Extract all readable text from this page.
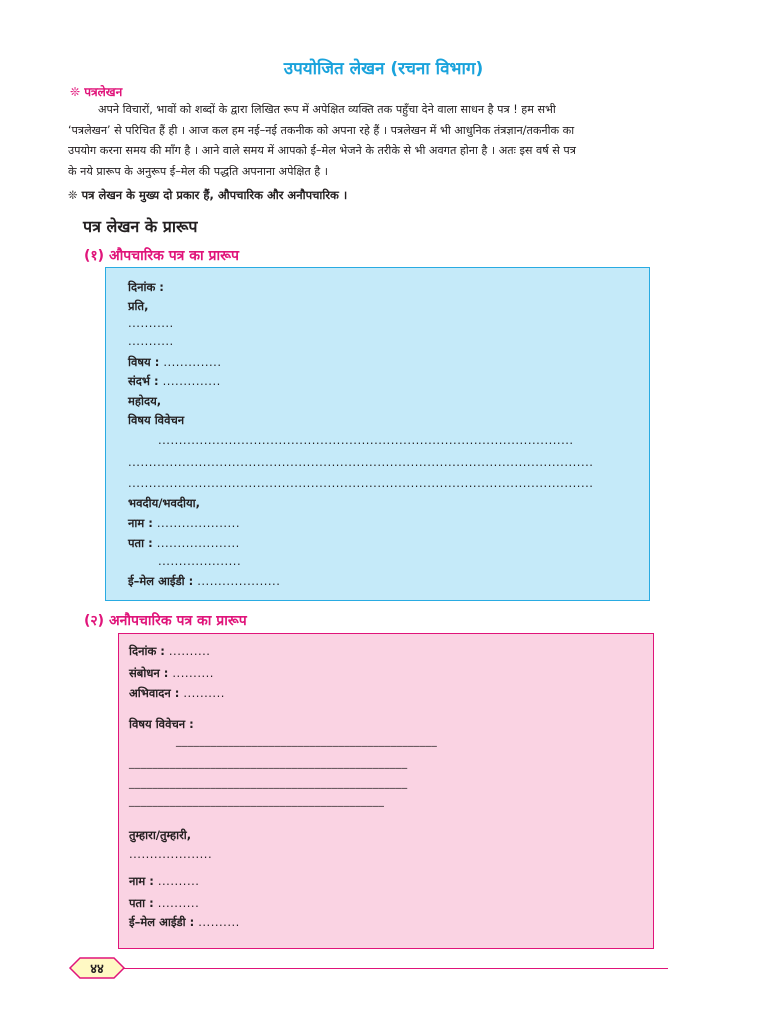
उपयोजित लेखन (रचना विभाग)
❊ पत्रलेखन
अपने विचारों, भावों को शब्दों के द्वारा लिखित रूप में अपेक्षित व्यक्ति तक पहुँचा देने वाला साधन है पत्र ! हम सभी
‘पत्रलेखन’ से परिचित हैं ही । आज कल हम नई–नई तकनीक को अपना रहे हैं । पत्रलेखन में भी आधुनिक तंत्रज्ञान/तकनीक का
उपयोग करना समय की माँग है । आने वाले समय में आपको ई–मेल भेजने के तरीके से भी अवगत होना है । अतः इस वर्ष से पत्र
के नये प्रारूप के अनुरूप ई–मेल की पद्धति अपनाना अपेक्षित है ।
❊ पत्र लेखन के मुख्य दो प्रकार हैं, औपचारिक और अनौपचारिक ।
पत्र लेखन के प्रारूप
(१) औपचारिक पत्र का प्रारूप
दिनांक :
प्रति,
...........
...........
विषय : ..............
संदर्भ : ..............
महोदय,
विषय विवेचन
....................................................................................................
................................................................................................................
................................................................................................................
भवदीय/भवदीया,
नाम : ....................
पता : ....................
....................
ई–मेल आईडी : ....................
(२) अनौपचारिक पत्र का प्रारूप
दिनांक : ..........
संबोधन : ..........
अभिवादन : ..........
विषय विवेचन :
_____________________________________________
________________________________________________
________________________________________________
____________________________________________
तुम्हारा/तुम्हारी,
....................
नाम : ..........
पता : ..........
ई–मेल आईडी : ..........
४४
